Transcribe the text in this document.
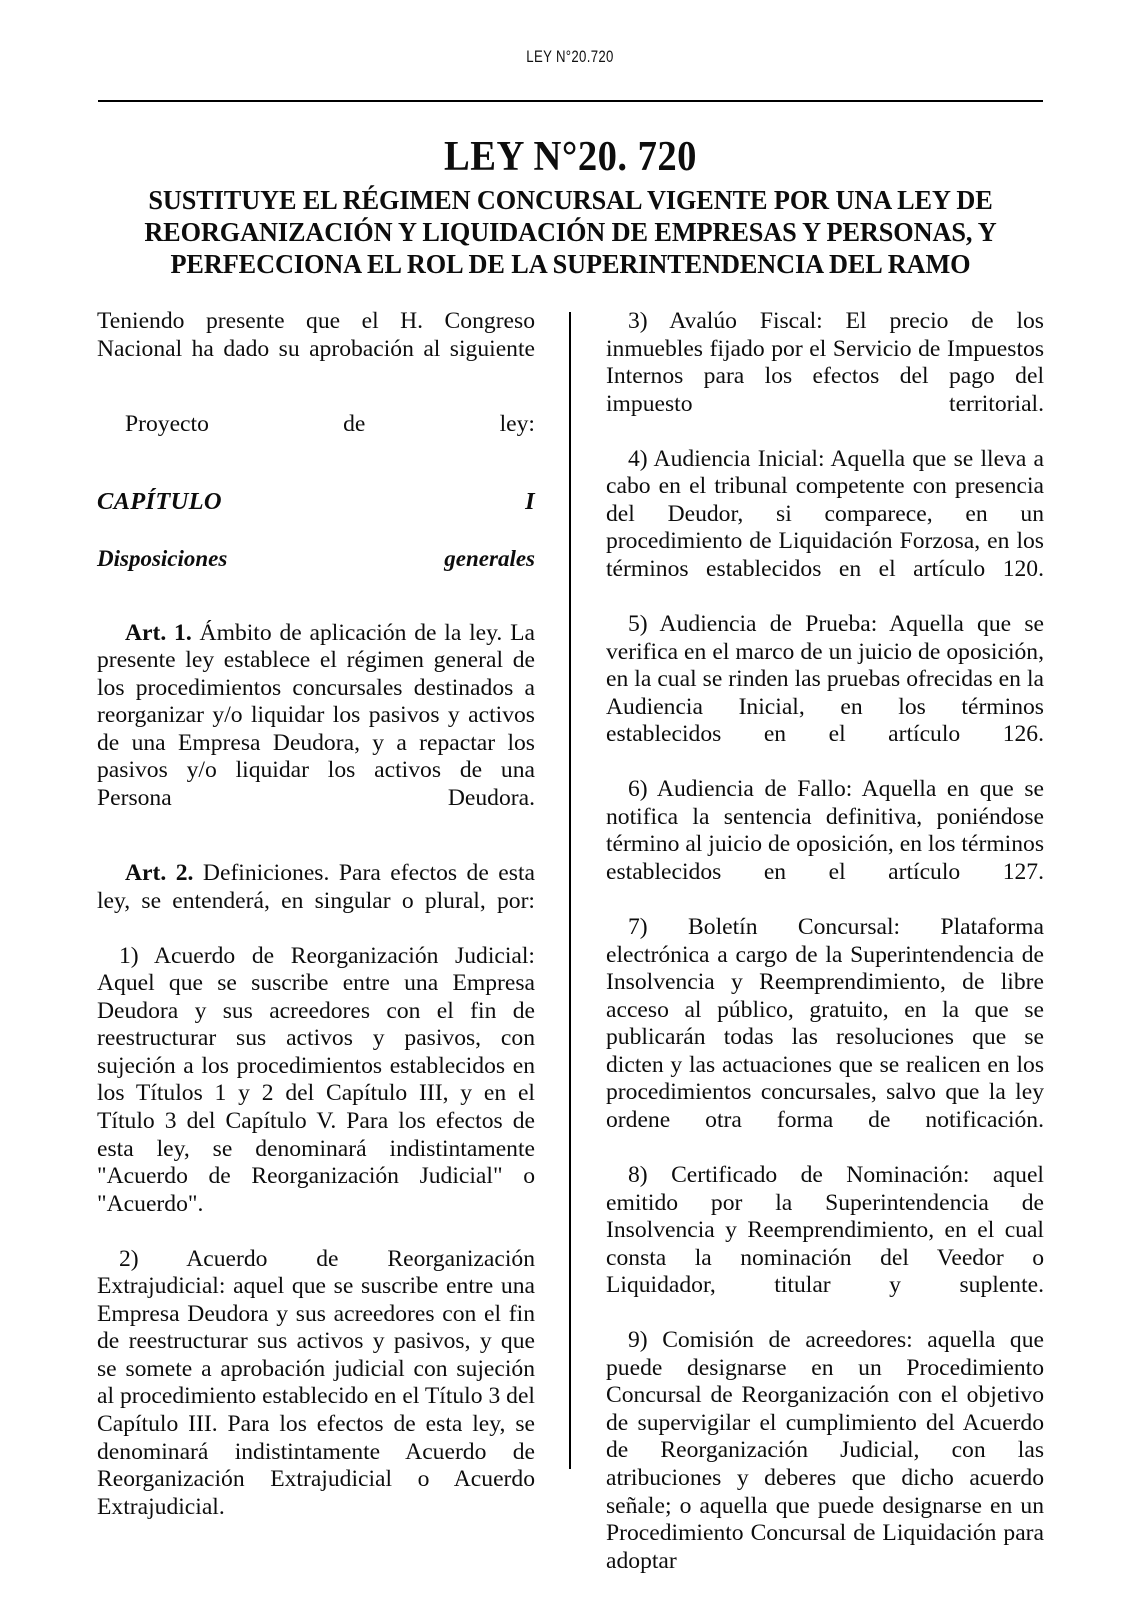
LEY N°20.720
LEY N°20. 720
SUSTITUYE EL RÉGIMEN CONCURSAL VIGENTE POR UNA LEY DE REORGANIZACIÓN Y LIQUIDACIÓN DE EMPRESAS Y PERSONAS, Y PERFECCIONA EL ROL DE LA SUPERINTENDENCIA DEL RAMO

Teniendo presente que el H. Congreso Nacional ha dado su aprobación al siguiente

Proyecto de ley:

CAPÍTULO I

Disposiciones generales

Art. 1. Ámbito de aplicación de la ley. La presente ley establece el régimen general de los procedimientos concursales destinados a reorganizar y/o liquidar los pasivos y activos de una Empresa Deudora, y a repactar los pasivos y/o liquidar los activos de una Persona Deudora.

Art. 2. Definiciones. Para efectos de esta ley, se entenderá, en singular o plural, por:

1) Acuerdo de Reorganización Judicial: Aquel que se suscribe entre una Empresa Deudora y sus acreedores con el fin de reestructurar sus activos y pasivos, con sujeción a los procedimientos establecidos en los Títulos 1 y 2 del Capítulo III, y en el Título 3 del Capítulo V. Para los efectos de esta ley, se denominará indistintamente "Acuerdo de Reorganización Judicial" o "Acuerdo".

2) Acuerdo de Reorganización Extrajudicial: aquel que se suscribe entre una Empresa Deudora y sus acreedores con el fin de reestructurar sus activos y pasivos, y que se somete a aprobación judicial con sujeción al procedimiento establecido en el Título 3 del Capítulo III. Para los efectos de esta ley, se denominará indistintamente Acuerdo de Reorganización Extrajudicial o Acuerdo Extrajudicial.

3) Avalúo Fiscal: El precio de los inmuebles fijado por el Servicio de Impuestos Internos para los efectos del pago del impuesto territorial.

4) Audiencia Inicial: Aquella que se lleva a cabo en el tribunal competente con presencia del Deudor, si comparece, en un procedimiento de Liquidación Forzosa, en los términos establecidos en el artículo 120.

5) Audiencia de Prueba: Aquella que se verifica en el marco de un juicio de oposición, en la cual se rinden las pruebas ofrecidas en la Audiencia Inicial, en los términos establecidos en el artículo 126.

6) Audiencia de Fallo: Aquella en que se notifica la sentencia definitiva, poniéndose término al juicio de oposición, en los términos establecidos en el artículo 127.

7) Boletín Concursal: Plataforma electrónica a cargo de la Superintendencia de Insolvencia y Reemprendimiento, de libre acceso al público, gratuito, en la que se publicarán todas las resoluciones que se dicten y las actuaciones que se realicen en los procedimientos concursales, salvo que la ley ordene otra forma de notificación.

8) Certificado de Nominación: aquel emitido por la Superintendencia de Insolvencia y Reemprendimiento, en el cual consta la nominación del Veedor o Liquidador, titular y suplente.

9) Comisión de acreedores: aquella que puede designarse en un Procedimiento Concursal de Reorganización con el objetivo de supervigilar el cumplimiento del Acuerdo de Reorganización Judicial, con las atribuciones y deberes que dicho acuerdo señale; o aquella que puede designarse en un Procedimiento Concursal de Liquidación para adoptar
